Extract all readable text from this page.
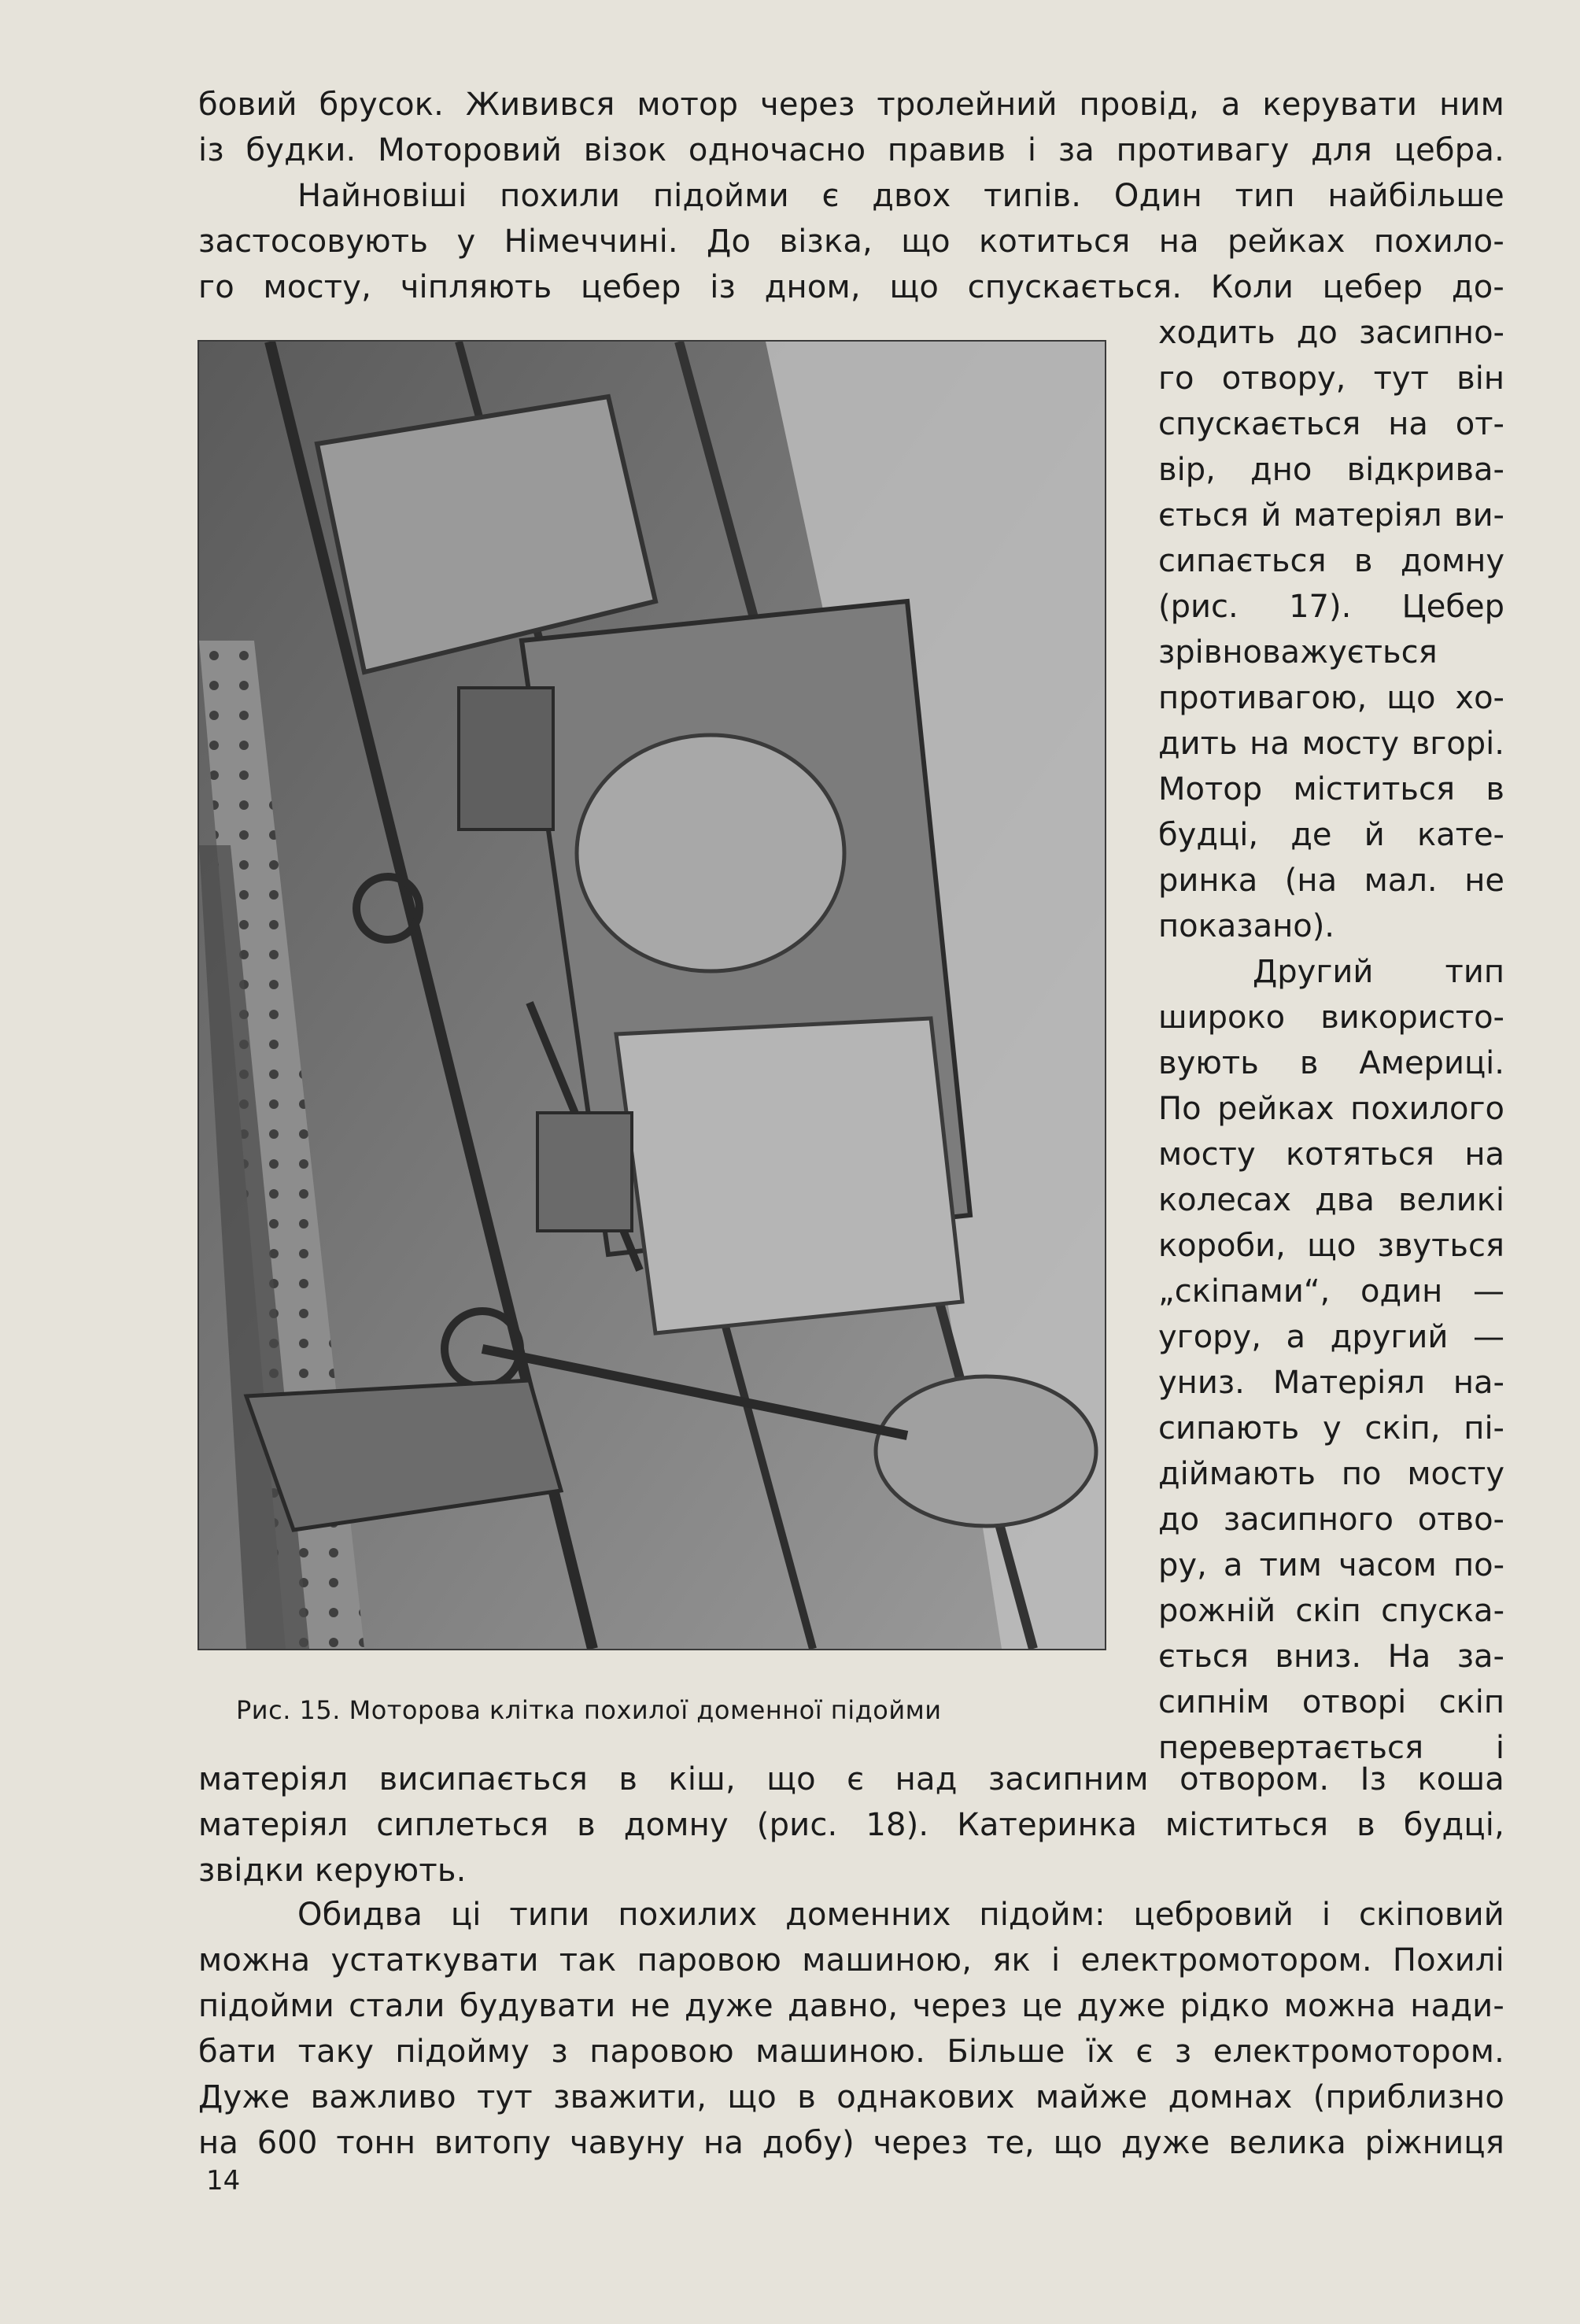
бовий брусок. Живився мотор через тролейний провід, а керувати ним
із будки. Моторовий візок одночасно правив і за противагу для цебра.
Найновіші похили підойми є двох типів. Один тип найбільше
застосовують у Німеччині. До візка, що котиться на рейках похило-
го мосту, чіпляють цебер із дном, що спускається. Коли цебер до-
ходить до засипно-
го отвору, тут він
спускається на от-
вір, дно відкрива-
ється й матеріял ви-
сипається в домну
(рис. 17). Цебер
зрівноважується
противагою, що хо-
дить на мосту вгорі.
Мотор міститься в
будці, де й кате-
ринка (на мал. не
показано).
Другий тип
широко використо-
вують в Америці.
По рейках похилого
мосту котяться на
колесах два великі
короби, що звуться
„скіпами“, один —
угору, а другий —
униз. Матеріял на-
сипають у скіп, пі-
діймають по мосту
до засипного отво-
ру, а тим часом по-
рожній скіп спуска-
ється вниз. На за-
сипнім отворі скіп
перевертається і
Рис. 15. Моторова клітка похилої доменної підойми
матеріял висипається в кіш, що є над засипним отвором. Із коша
матеріял сиплеться в домну (рис. 18). Катеринка міститься в будці,
звідки керують.
Обидва ці типи похилих доменних підойм: цебровий і скіповий
можна устаткувати так паровою машиною, як і електромотором. Похилі
підойми стали будувати не дуже давно, через це дуже рідко можна нади-
бати таку підойму з паровою машиною. Більше їх є з електромотором.
Дуже важливо тут зважити, що в однакових майже домнах (приблизно
на 600 тонн витопу чавуну на добу) через те, що дуже велика ріжниця
14
